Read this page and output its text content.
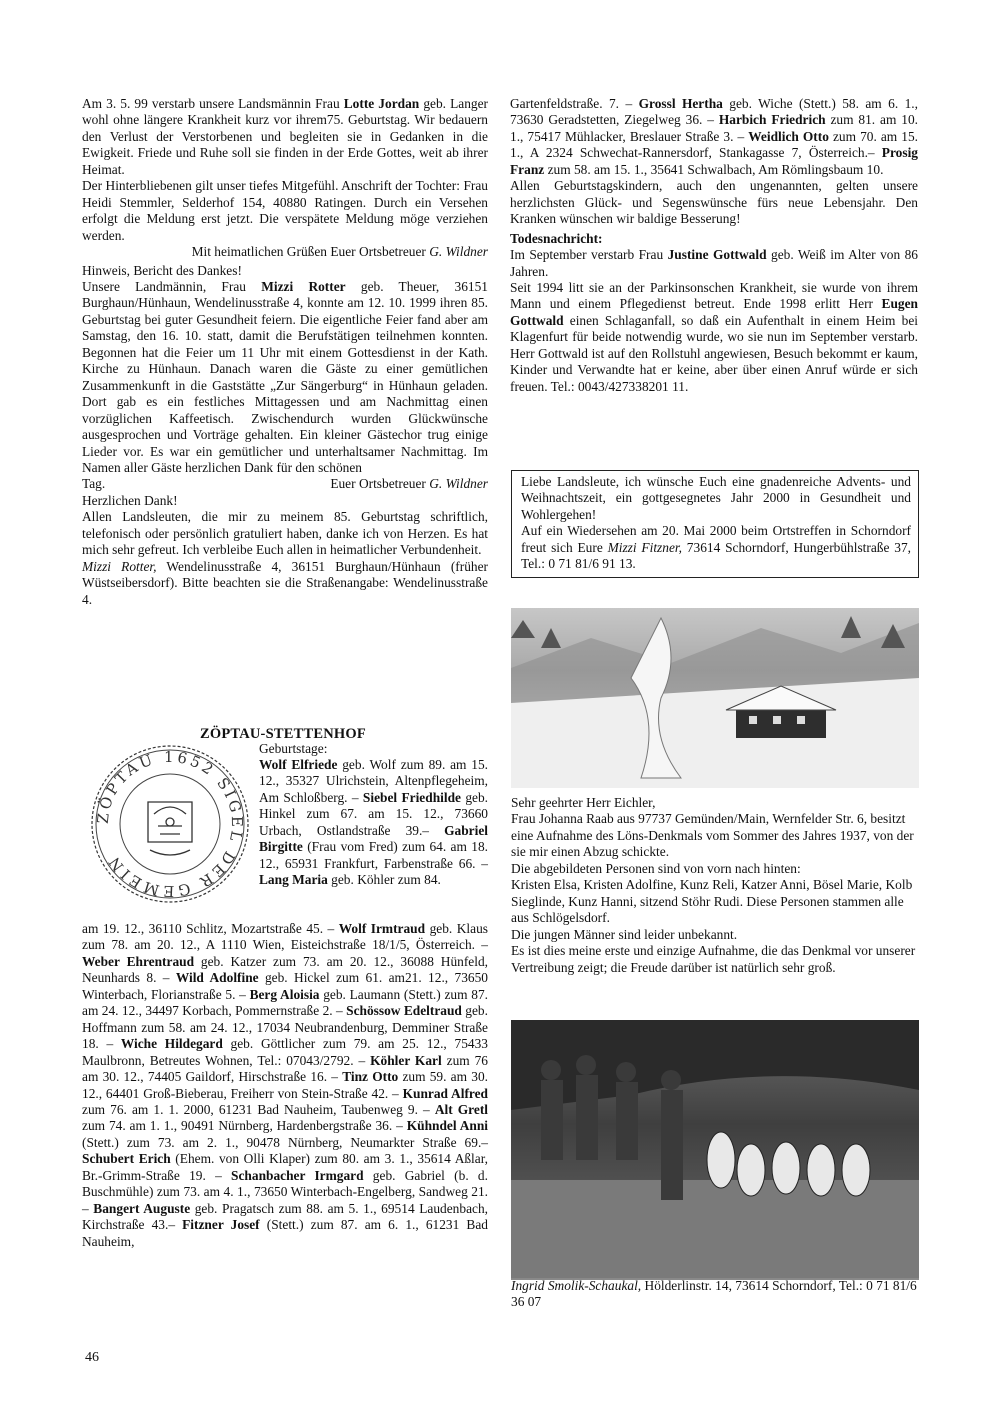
Am 3. 5. 99 verstarb unsere Landsmännin Frau Lotte Jordan geb. Langer wohl ohne längere Krankheit kurz vor ihrem75. Geburtstag. Wir bedauern den Verlust der Verstorbenen und begleiten sie in Gedanken in die Ewigkeit. Friede und Ruhe soll sie finden in der Erde Gottes, weit ab ihrer Heimat.

Der Hinterbliebenen gilt unser tiefes Mitgefühl. Anschrift der Tochter: Frau Heidi Stemmler, Selderhof 154, 40880 Ratingen. Durch ein Versehen erfolgt die Meldung erst jetzt. Die verspätete Meldung möge verziehen werden.

Mit heimatlichen Grüßen Euer Ortsbetreuer G. Wildner

Hinweis, Bericht des Dankes!

Unsere Landmännin, Frau Mizzi Rotter geb. Theuer, 36151 Burghaun/Hünhaun, Wendelinusstraße 4, konnte am 12. 10. 1999 ihren 85. Geburtstag bei guter Gesundheit feiern. Die eigentliche Feier fand aber am Samstag, den 16. 10. statt, damit die Berufstätigen teilnehmen konnten. Begonnen hat die Feier um 11 Uhr mit einem Gottesdienst in der Kath. Kirche zu Hünhaun. Danach waren die Gäste zu einer gemütlichen Zusammenkunft in die Gaststätte „Zur Sängerburg“ in Hünhaun geladen. Dort gab es ein festliches Mittagessen und am Nachmittag einen vorzüglichen Kaffeetisch. Zwischendurch wurden Glückwünsche ausgesprochen und Vorträge gehalten. Ein kleiner Gästechor trug einige Lieder vor. Es war ein gemütlicher und unterhaltsamer Nachmittag. Im Namen aller Gäste herzlichen Dank für den schönen

Tag.	Euer Ortsbetreuer G. Wildner

Herzlichen Dank!

Allen Landsleuten, die mir zu meinem 85. Geburtstag schriftlich, telefonisch oder persönlich gratuliert haben, danke ich von Herzen. Es hat mich sehr gefreut. Ich verbleibe Euch allen in heimatlicher Verbundenheit.

Mizzi Rotter, Wendelinusstraße 4, 36151 Burghaun/Hünhaun (früher Wüstseibersdorf). Bitte beachten sie die Straßenangabe: Wendelinusstraße 4.

ZÖPTAU-STETTENHOF
Geburtstage:
ZÖPTAU 1652 SIGEL DER GEMEIN
Wolf Elfriede geb. Wolf zum 89. am 15. 12., 35327 Ulrichstein, Altenpflegeheim, Am Schloßberg. – Siebel Friedhilde geb. Hinkel zum 67. am 15. 12., 73660 Urbach, Ostlandstraße 39.– Gabriel Birgitte (Frau vom Fred) zum 64. am 18. 12., 65931 Frankfurt, Farbenstraße 66. – Lang Maria geb. Köhler zum 84.
am 19. 12., 36110 Schlitz, Mozartstraße 45. – Wolf Irmtraud geb. Klaus zum 78. am 20. 12., A 1110 Wien, Eisteichstraße 18/1/5, Österreich. – Weber Ehrentraud geb. Katzer zum 73. am 20. 12., 36088 Hünfeld, Neunhards 8. – Wild Adolfine geb. Hickel zum 61. am21. 12., 73650 Winterbach, Florianstraße 5. – Berg Aloisia geb. Laumann (Stett.) zum 87. am 24. 12., 34497 Korbach, Pommernstraße 2. – Schössow Edeltraud geb. Hoffmann zum 58. am 24. 12., 17034 Neubrandenburg, Demminer Straße 18. – Wiche Hildegard geb. Göttlicher zum 79. am 25. 12., 75433 Maulbronn, Betreutes Wohnen, Tel.: 07043/2792. – Köhler Karl zum 76 am 30. 12., 74405 Gaildorf, Hirschstraße 16. – Tinz Otto zum 59. am 30. 12., 64401 Groß-Bieberau, Freiherr von Stein-Straße 42. – Kunrad Alfred zum 76. am 1. 1. 2000, 61231 Bad Nauheim, Taubenweg 9. – Alt Gretl zum 74. am 1. 1., 90491 Nürnberg, Hardenbergstraße 36. – Kühndel Anni (Stett.) zum 73. am 2. 1., 90478 Nürnberg, Neumarkter Straße 69.– Schubert Erich (Ehem. von Olli Klaper) zum 80. am 3. 1., 35614 Aßlar, Br.-Grimm-Straße 19. – Schanbacher Irmgard geb. Gabriel (b. d. Buschmühle) zum 73. am 4. 1., 73650 Winterbach-Engelberg, Sandweg 21. – Bangert Auguste geb. Pragatsch zum 88. am 5. 1., 69514 Laudenbach, Kirchstraße 43.– Fitzner Josef (Stett.) zum 87. am 6. 1., 61231 Bad Nauheim,

Gartenfeldstraße. 7. – Grossl Hertha geb. Wiche (Stett.) 58. am 6. 1., 73630 Geradstetten, Ziegelweg 36. – Harbich Friedrich zum 81. am 10. 1., 75417 Mühlacker, Breslauer Straße 3. – Weidlich Otto zum 70. am 15. 1., A 2324 Schwechat-Rannersdorf, Stankagasse 7, Österreich.– Prosig Franz zum 58. am 15. 1., 35641 Schwalbach, Am Römlingsbaum 10.

Allen Geburtstagskindern, auch den ungenannten, gelten unsere herzlichsten Glück- und Segenswünsche fürs neue Lebensjahr. Den Kranken wünschen wir baldige Besserung!

Todesnachricht:

Im September verstarb Frau Justine Gottwald geb. Weiß im Alter von 86 Jahren.

Seit 1994 litt sie an der Parkinsonschen Krankheit, sie wurde von ihrem Mann und einem Pflegedienst betreut. Ende 1998 erlitt Herr Eugen Gottwald einen Schlaganfall, so daß ein Aufenthalt in einem Heim bei Klagenfurt für beide notwendig wurde, wo sie nun im September verstarb. Herr Gottwald ist auf den Rollstuhl angewiesen, Besuch bekommt er kaum, Kinder und Verwandte hat er keine, aber über einen Anruf würde er sich freuen. Tel.: 0043/427338201 11.

Liebe Landsleute, ich wünsche Euch eine gnadenreiche Advents- und Weihnachtszeit, ein gottgesegnetes Jahr 2000 in Gesundheit und Wohlergehen!

Auf ein Wiedersehen am 20. Mai 2000 beim Ortstreffen in Schorndorf freut sich Eure Mizzi Fitzner, 73614 Schorndorf, Hungerbühlstraße 37, Tel.: 0 71 81/6 91 13.

Sehr geehrter Herr Eichler,

Frau Johanna Raab aus 97737 Gemünden/Main, Wernfelder Str. 6, besitzt eine Aufnahme des Löns-Denkmals vom Sommer des Jahres 1937, von der sie mir einen Abzug schickte.

Die abgebildeten Personen sind von vorn nach hinten:

Kristen Elsa, Kristen Adolfine, Kunz Reli, Katzer Anni, Bösel Marie, Kolb Sieglinde, Kunz Hanni, sitzend Stöhr Rudi. Diese Personen stammen alle aus Schlögelsdorf.

Die jungen Männer sind leider unbekannt.

Es ist dies meine erste und einzige Aufnahme, die das Denkmal vor unserer Vertreibung zeigt; die Freude darüber ist natürlich sehr groß.

Ingrid Smolik-Schaukal, Hölderlinstr. 14, 73614 Schorndorf, Tel.: 0 71 81/6 36 07
46
